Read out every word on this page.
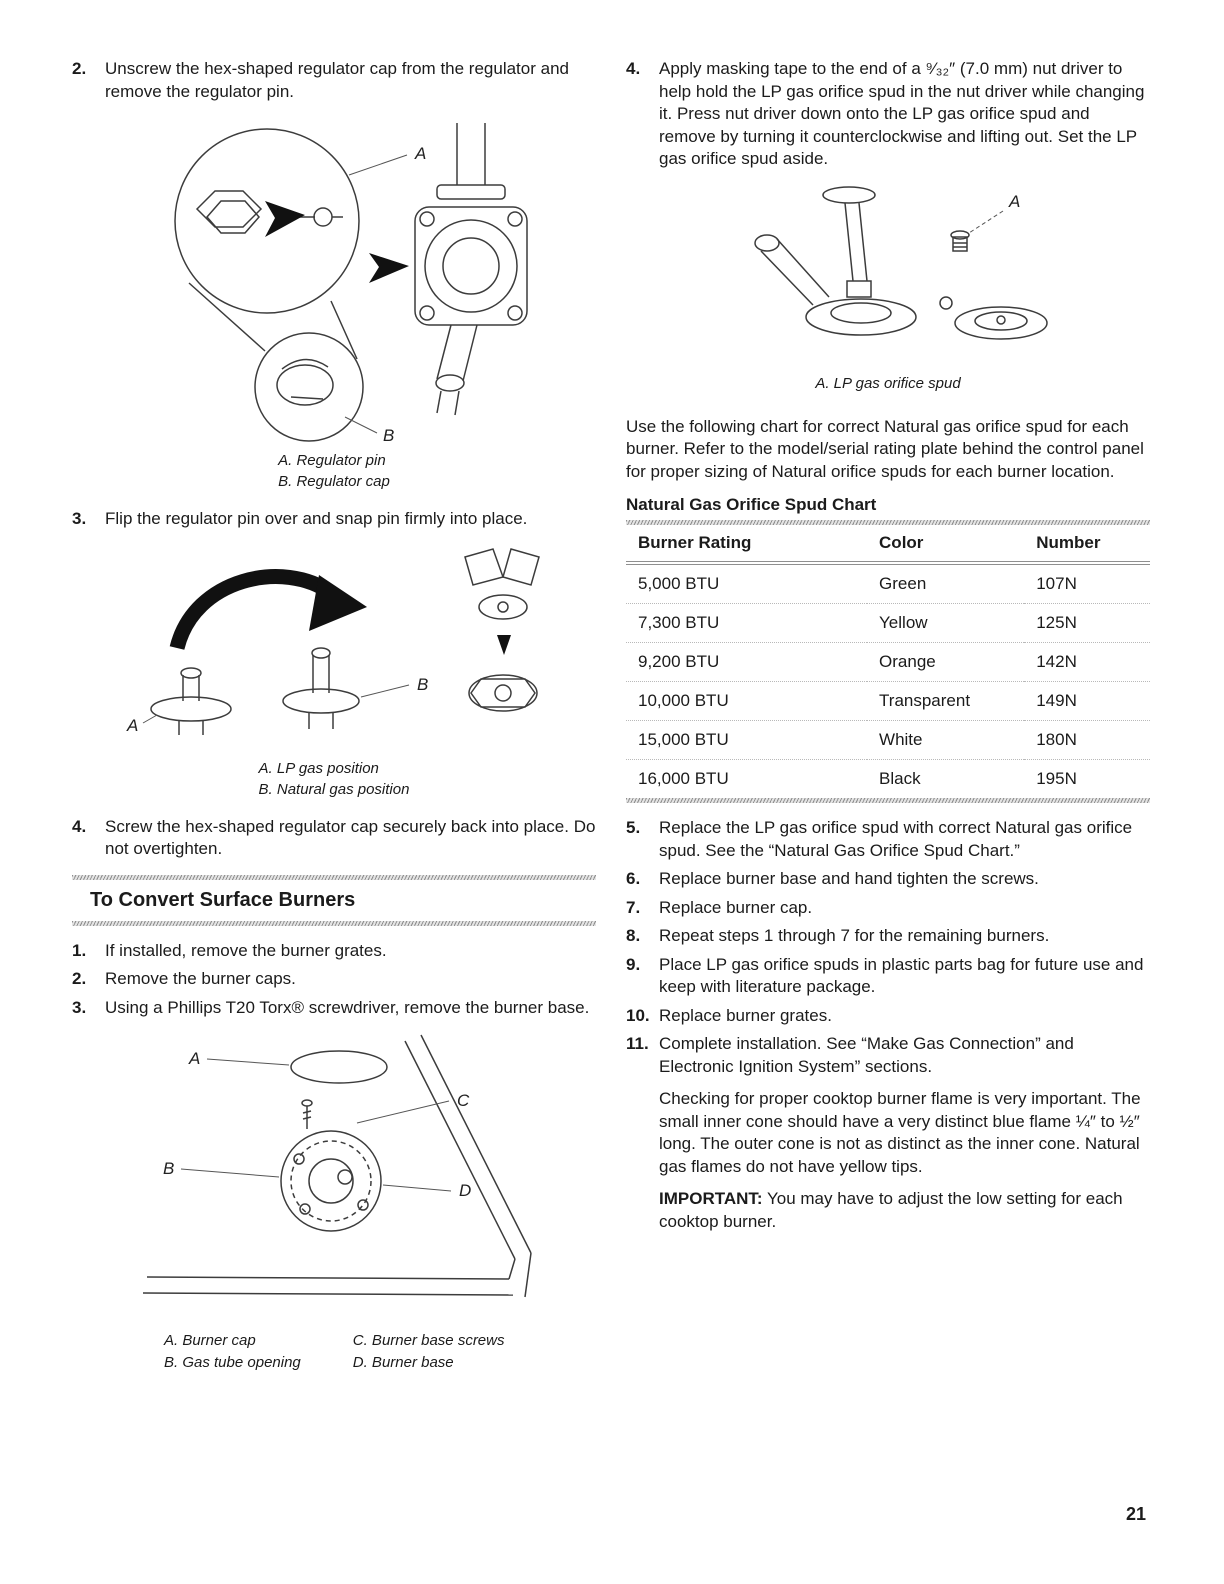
2.	Unscrew the hex-shaped regulator cap from the regulator and remove the regulator pin.
A
B

A. Regulator pin
B. Regulator cap
3.	Flip the regulator pin over and snap pin firmly into place.
A
B

A. LP gas position
B. Natural gas position
4.	Screw the hex-shaped regulator cap securely back into place. Do not overtighten.
To Convert Surface Burners
1.	If installed, remove the burner grates.
2.	Remove the burner caps.
3.	Using a Phillips T20 Torx® screwdriver, remove the burner base.
A
C
B
D
A. Burner cap
B. Gas tube opening
C. Burner base screws
D. Burner base
4.	Apply masking tape to the end of a ⁹⁄₃₂″ (7.0 mm) nut driver to help hold the LP gas orifice spud in the nut driver while changing it. Press nut driver down onto the LP gas orifice spud and remove by turning it counterclockwise and lifting out. Set the LP gas orifice spud aside.
A

A. LP gas orifice spud

Use the following chart for correct Natural gas orifice spud for each burner. Refer to the model/serial rating plate behind the control panel for proper sizing of Natural orifice spuds for each burner location.

Natural Gas Orifice Spud Chart
Burner Rating	Color	Number
5,000 BTU	Green	107N
7,300 BTU	Yellow	125N
9,200 BTU	Orange	142N
10,000 BTU	Transparent	149N
15,000 BTU	White	180N
16,000 BTU	Black	195N
5.	Replace the LP gas orifice spud with correct Natural gas orifice spud. See the “Natural Gas Orifice Spud Chart.”
6.	Replace burner base and hand tighten the screws.
7.	Replace burner cap.
8.	Repeat steps 1 through 7 for the remaining burners.
9.	Place LP gas orifice spuds in plastic parts bag for future use and keep with literature package.
10. Replace burner grates.
11. Complete installation. See “Make Gas Connection” and Electronic Ignition System” sections.

Checking for proper cooktop burner flame is very important. The small inner cone should have a very distinct blue flame ¼″ to ½″ long. The outer cone is not as distinct as the inner cone. Natural gas flames do not have yellow tips.

IMPORTANT: You may have to adjust the low setting for each cooktop burner.

21
